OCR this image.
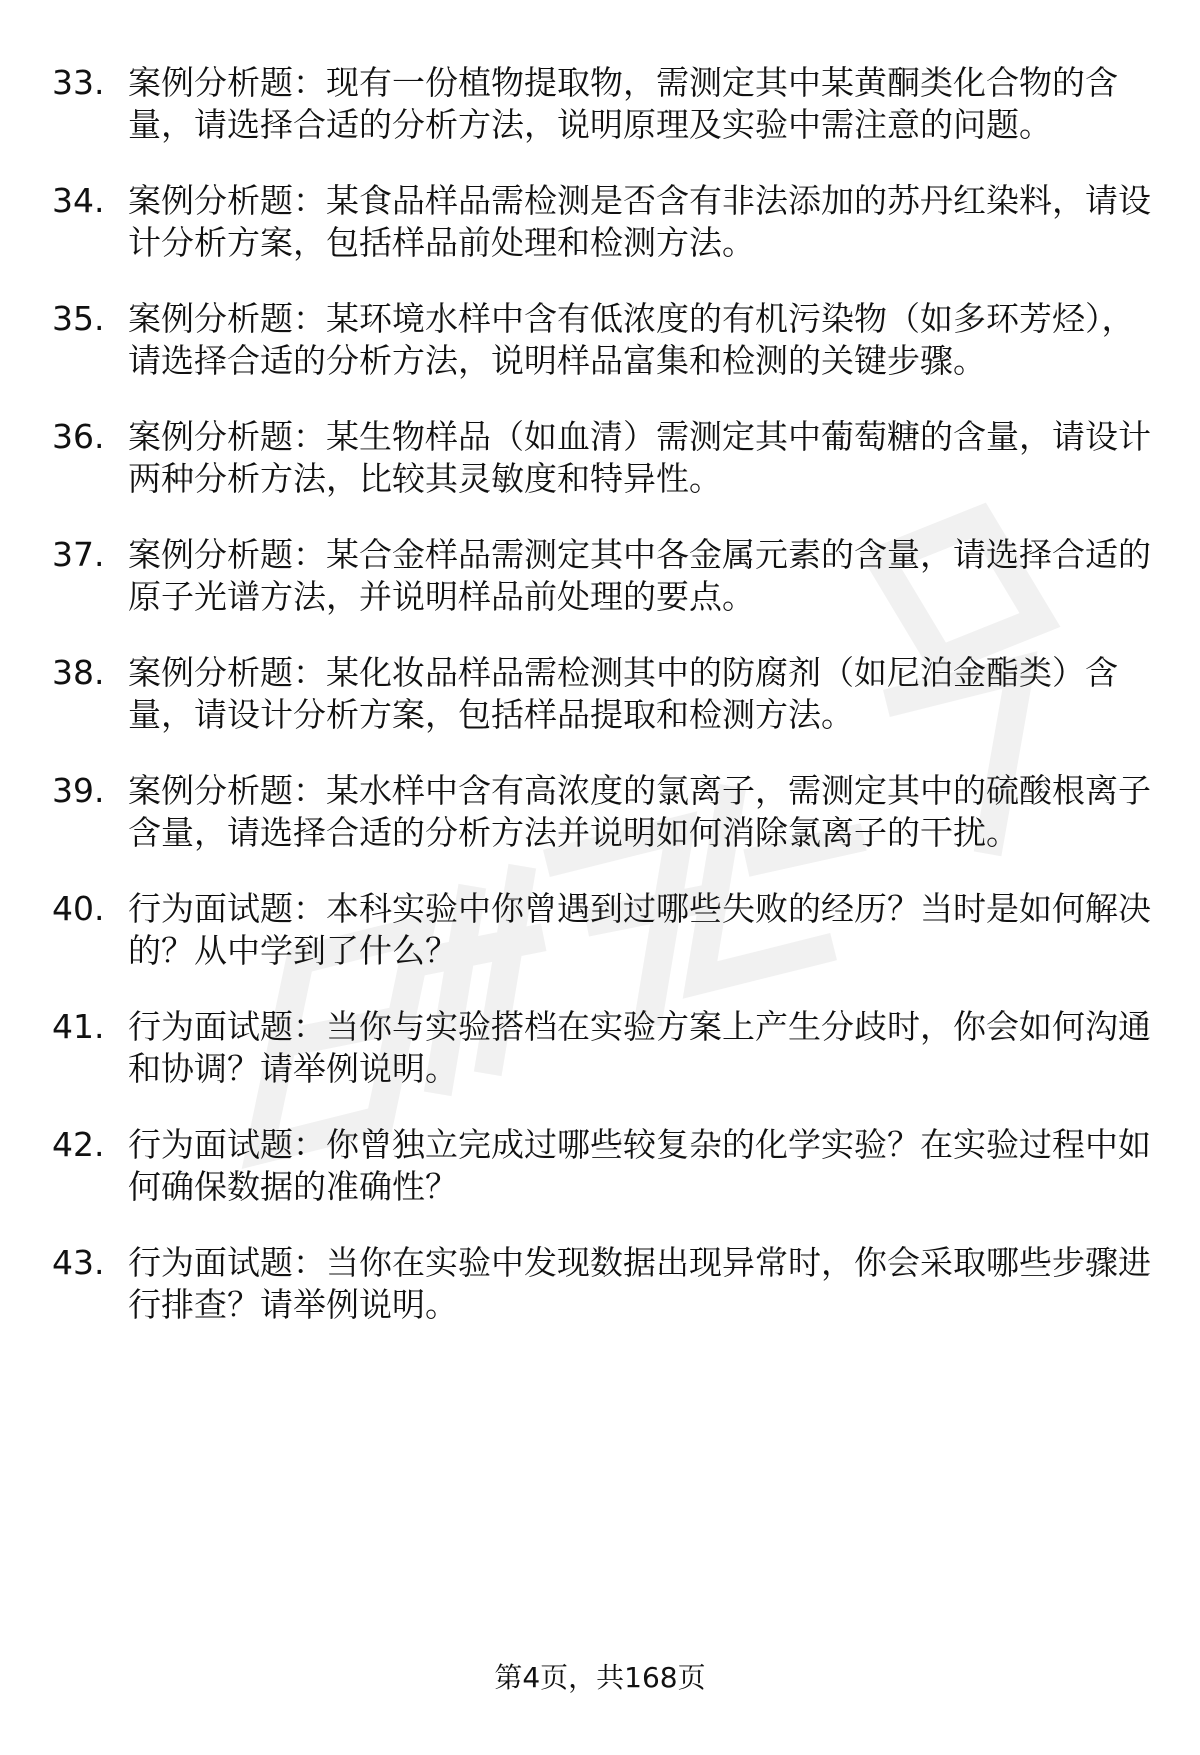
33. 案例分析题：现有一份植物提取物，需测定其中某黄酮类化合物的含量，请选择合适的分析方法，说明原理及实验中需注意的问题。
34. 案例分析题：某食品样品需检测是否含有非法添加的苏丹红染料，请设计分析方案，包括样品前处理和检测方法。
35. 案例分析题：某环境水样中含有低浓度的有机污染物（如多环芳烃），请选择合适的分析方法，说明样品富集和检测的关键步骤。
36. 案例分析题：某生物样品（如血清）需测定其中葡萄糖的含量，请设计两种分析方法，比较其灵敏度和特异性。
37. 案例分析题：某合金样品需测定其中各金属元素的含量，请选择合适的原子光谱方法，并说明样品前处理的要点。
38. 案例分析题：某化妆品样品需检测其中的防腐剂（如尼泊金酯类）含量，请设计分析方案，包括样品提取和检测方法。
39. 案例分析题：某水样中含有高浓度的氯离子，需测定其中的硫酸根离子含量，请选择合适的分析方法并说明如何消除氯离子的干扰。
40. 行为面试题：本科实验中你曾遇到过哪些失败的经历？当时是如何解决的？从中学到了什么？
41. 行为面试题：当你与实验搭档在实验方案上产生分歧时，你会如何沟通和协调？请举例说明。
42. 行为面试题：你曾独立完成过哪些较复杂的化学实验？在实验过程中如何确保数据的准确性？
43. 行为面试题：当你在实验中发现数据出现异常时，你会采取哪些步骤进行排查？请举例说明。
第4页，共168页
